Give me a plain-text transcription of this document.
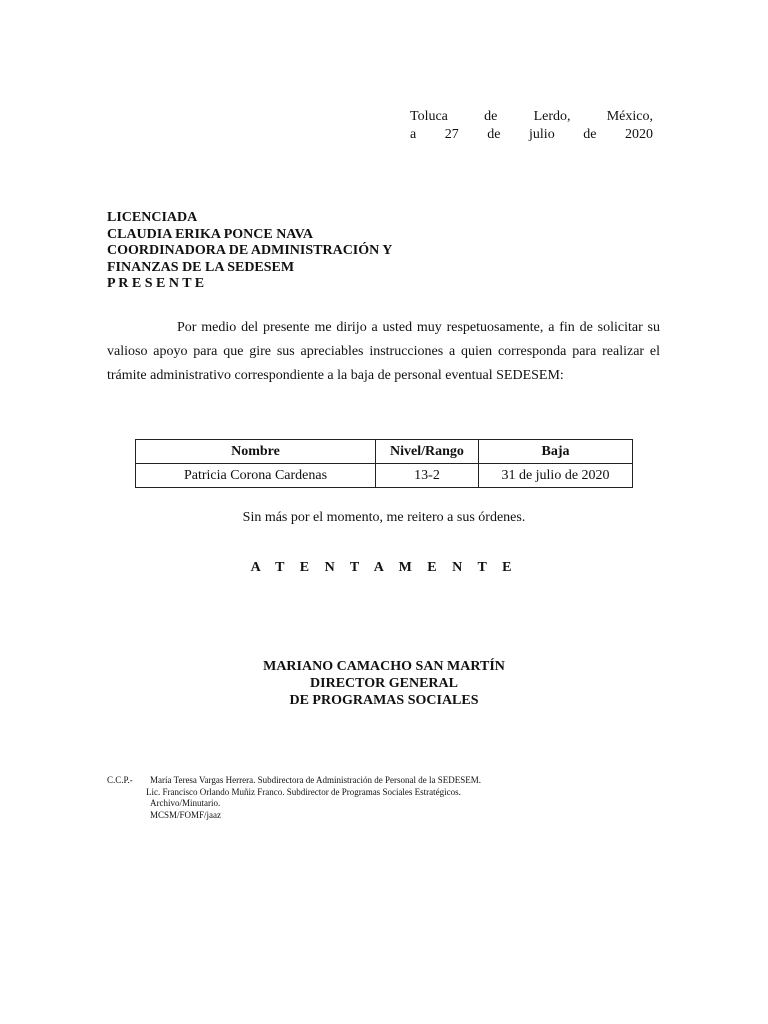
Toluca	de	Lerdo,	México,
a 27 de julio de 2020
LICENCIADA
CLAUDIA ERIKA PONCE NAVA
COORDINADORA DE ADMINISTRACIÓN Y
FINANZAS DE LA SEDESEM
P R E S E N T E

Por medio del presente me dirijo a usted muy respetuosamente, a fin de solicitar su valioso apoyo para que gire sus apreciables instrucciones a quien corresponda para realizar el trámite administrativo correspondiente a la baja de personal eventual SEDESEM:

Nombre	Nivel/Rango	Baja
Patricia Corona Cardenas	13-2	31 de julio de 2020
Sin más por el momento, me reitero a sus órdenes.
A T E N T A M E N T E
MARIANO CAMACHO SAN MARTÍN
DIRECTOR GENERAL
DE PROGRAMAS SOCIALES
C.C.P.-	María Teresa Vargas Herrera. Subdirectora de Administración de Personal de la SEDESEM.
Lic. Francisco Orlando Muñiz Franco. Subdirector de Programas Sociales Estratégicos.
Archivo/Minutario.
MCSM/FOMF/jaaz
